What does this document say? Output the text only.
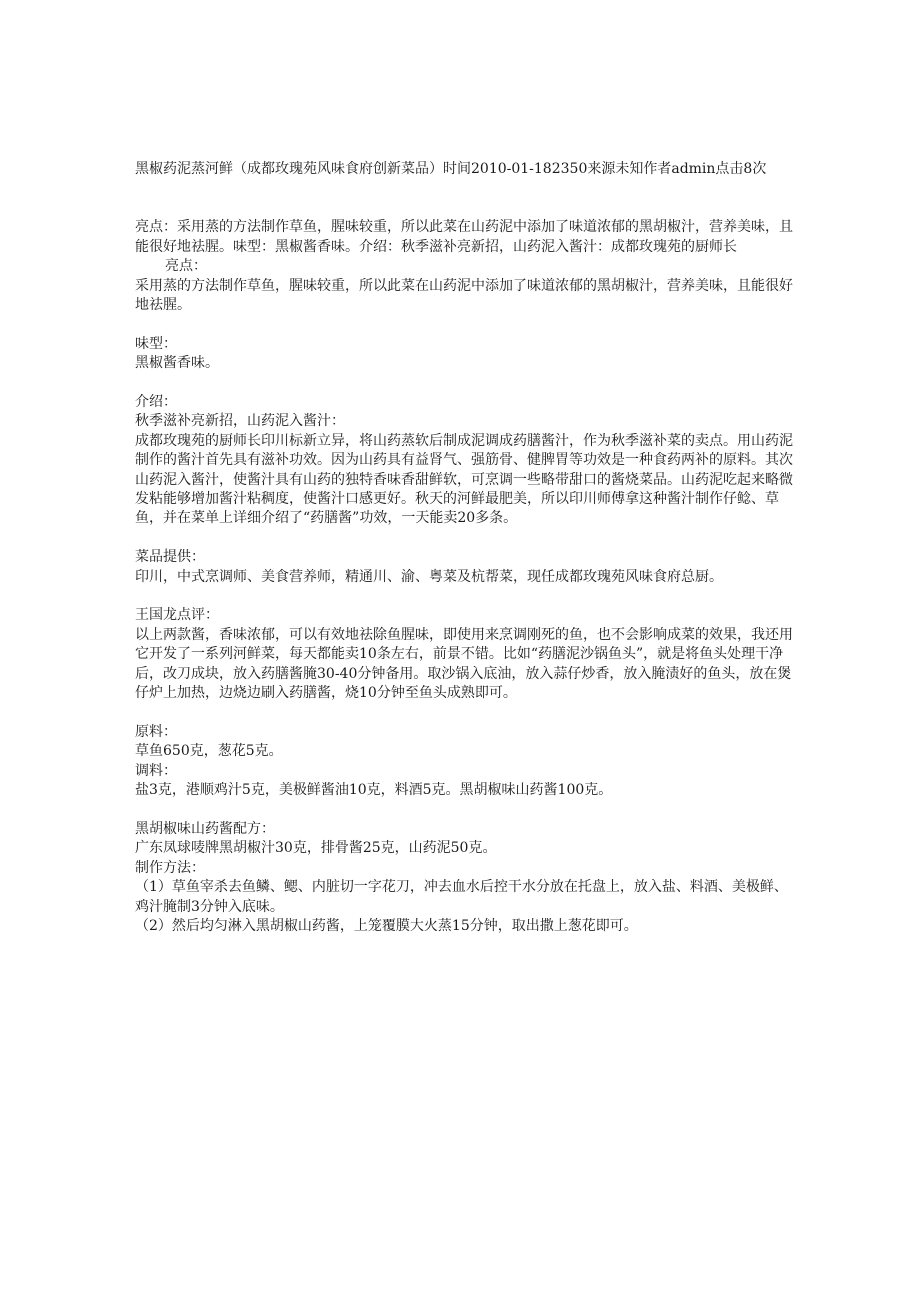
黑椒药泥蒸河鲜（成都玫瑰苑风味食府创新菜品）时间2010-01-182350来源未知作者admin点击8次

亮点：采用蒸的方法制作草鱼，腥味较重，所以此菜在山药泥中添加了味道浓郁的黑胡椒汁，营养美味，且能很好地祛腥。味型：黑椒酱香味。介绍：秋季滋补亮新招，山药泥入酱汁：成都玫瑰苑的厨师长

亮点：

采用蒸的方法制作草鱼，腥味较重，所以此菜在山药泥中添加了味道浓郁的黑胡椒汁，营养美味，且能很好地祛腥。

味型：

黑椒酱香味。

介绍：

秋季滋补亮新招，山药泥入酱汁：

成都玫瑰苑的厨师长印川标新立异，将山药蒸软后制成泥调成药膳酱汁，作为秋季滋补菜的卖点。用山药泥制作的酱汁首先具有滋补功效。因为山药具有益肾气、强筋骨、健脾胃等功效是一种食药两补的原料。其次山药泥入酱汁，使酱汁具有山药的独特香味香甜鲜软，可烹调一些略带甜口的酱烧菜品。山药泥吃起来略微发粘能够增加酱汁粘稠度，使酱汁口感更好。秋天的河鲜最肥美，所以印川师傅拿这种酱汁制作仔鲶、草鱼，并在菜单上详细介绍了“药膳酱”功效，一天能卖20多条。

菜品提供：

印川，中式烹调师、美食营养师，精通川、渝、粤菜及杭帮菜，现任成都玫瑰苑风味食府总厨。

王国龙点评：

以上两款酱，香味浓郁，可以有效地祛除鱼腥味，即使用来烹调刚死的鱼，也不会影响成菜的效果，我还用它开发了一系列河鲜菜，每天都能卖10条左右，前景不错。比如“药膳泥沙锅鱼头”，就是将鱼头处理干净后，改刀成块，放入药膳酱腌30-40分钟备用。取沙锅入底油，放入蒜仔炒香，放入腌渍好的鱼头，放在煲仔炉上加热，边烧边刷入药膳酱，烧10分钟至鱼头成熟即可。

原料：

草鱼650克，葱花5克。

调料：

盐3克，港顺鸡汁5克，美极鲜酱油10克，料酒5克。黑胡椒味山药酱100克。

黑胡椒味山药酱配方：

广东凤球唛牌黑胡椒汁30克，排骨酱25克，山药泥50克。

制作方法：

（1）草鱼宰杀去鱼鳞、鳃、内脏切一字花刀，冲去血水后控干水分放在托盘上，放入盐、料酒、美极鲜、鸡汁腌制3分钟入底味。

（2）然后均匀淋入黑胡椒山药酱，上笼覆膜大火蒸15分钟，取出撒上葱花即可。
